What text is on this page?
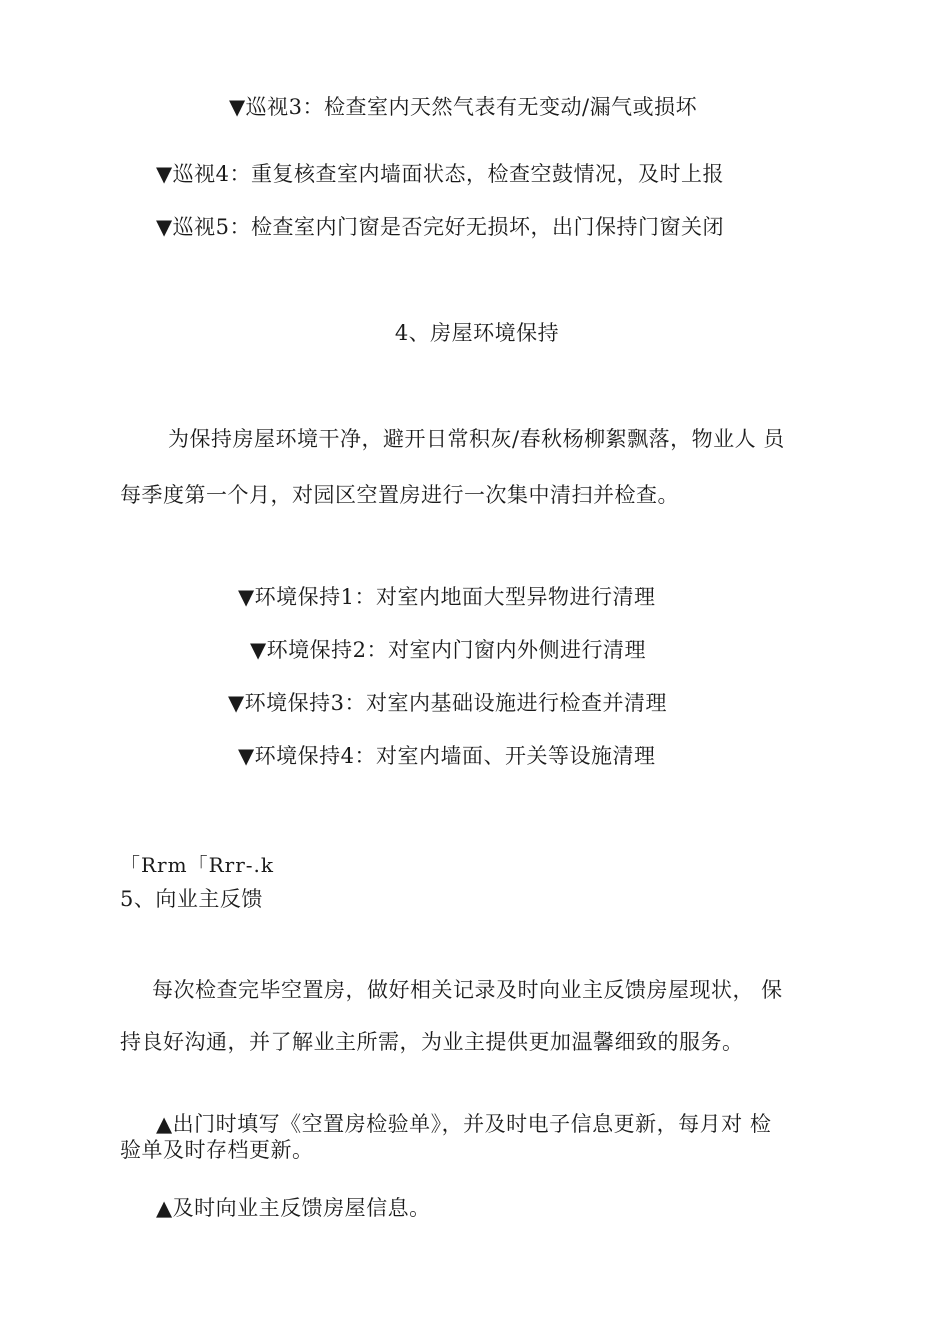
▼巡视3：检查室内天然气表有无变动/漏气或损坏
▼巡视4：重复核查室内墙面状态，检查空鼓情况，及时上报
▼巡视5：检查室内门窗是否完好无损坏，出门保持门窗关闭
4、房屋环境保持
为保持房屋环境干净，避开日常积灰/春秋杨柳絮飘落，物业人 员
每季度第一个月，对园区空置房进行一次集中清扫并检查。
▼环境保持1：对室内地面大型异物进行清理
▼环境保持2：对室内门窗内外侧进行清理
▼环境保持3：对室内基础设施进行检查并清理
▼环境保持4：对室内墙面、开关等设施清理
「Rrm「Rrr-.k
5、向业主反馈
每次检查完毕空置房，做好相关记录及时向业主反馈房屋现状， 保
持良好沟通，并了解业主所需，为业主提供更加温馨细致的服务。
▲出门时填写《空置房检验单》，并及时电子信息更新，每月对 检
验单及时存档更新。
▲及时向业主反馈房屋信息。
